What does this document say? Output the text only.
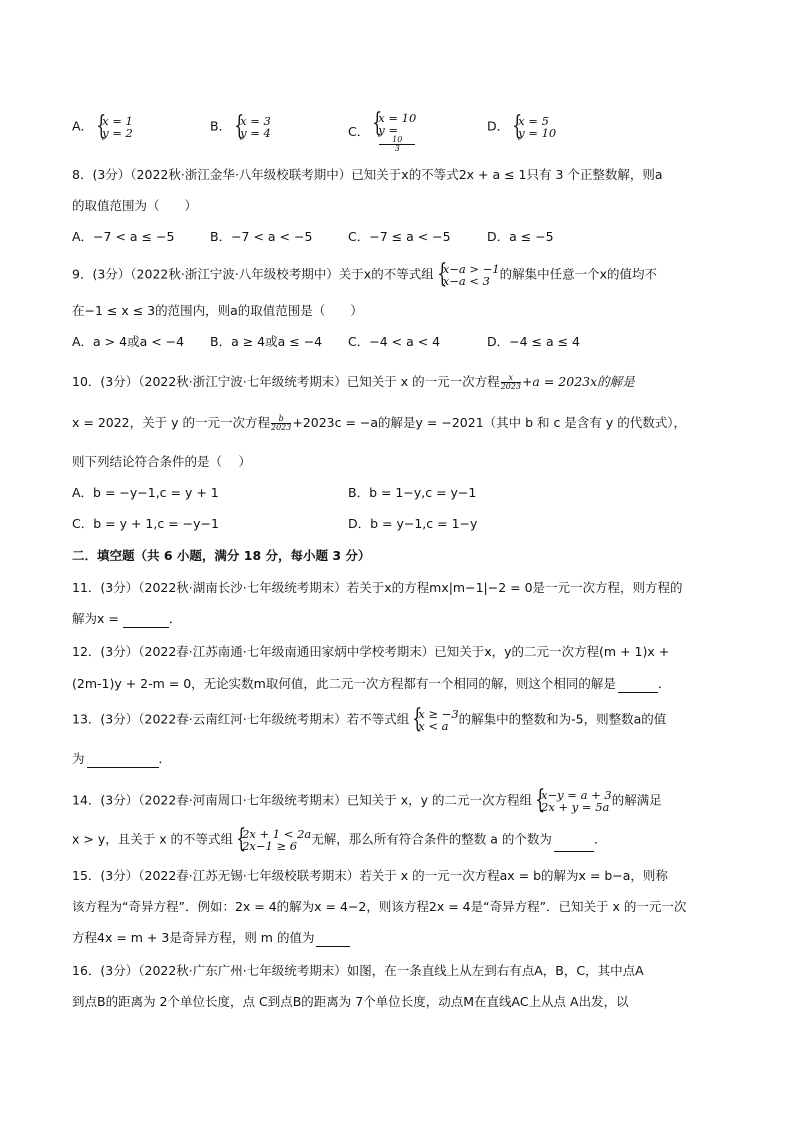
A． { x = 1
y = 2	B． { x = 3
y = 4	C．
{ x = 10
y =
10
3
D． { x = 5
y = 10
8．(3分）（2022秋·浙江金华·八年级校联考期中）已知关于x的不等式2x + a ≤ 1只有 3 个正整数解，则a
的取值范围为（　　）
A．−7 < a ≤ −5	B．−7 < a < −5	C．−7 ≤ a < −5	D．a ≤ −5
9．(3分）（2022秋·浙江宁波·八年级校考期中）关于x的不等式组 { x−a > −1
x−a < 3 的解集中任意一个x的值均不
在−1 ≤ x ≤ 3的范围内，则a的取值范围是（　　）
A．a > 4或a < −4 B．a ≥ 4或a ≤ −4 C．−4 < a < 4	D．−4 ≤ a ≤ 4
10．(3分）（2022秋·浙江宁波·七年级统考期末）已知关于 x 的一元一次方程 $\frac{x}{2023} +a = 2023x$的解是
x = 2022，关于 y 的一元一次方程 $\frac{b}{2023} +2023c = -a$的解是y = −2021（其中 b 和 c 是含有 y 的代数式），
则下列结论符合条件的是（　 ）
A．b = −y−1,c = y + 1	B．b = 1−y,c = y−1
C．b = y + 1,c = −y−1	D．b = y−1,c = 1−y
二．填空题（共 6 小题，满分 18 分，每小题 3 分）
11．(3分）（2022秋·湖南长沙·七年级统考期末）若关于x的方程mx|m−1|−2 = 0是一元一次方程，则方程的
解为x =	．
12．(3分）（2022春·江苏南通·七年级南通田家炳中学校考期末）已知关于x，y的二元一次方程(m + 1)x +
(2m-1)y + 2-m = 0，无论实数m取何值，此二元一次方程都有一个相同的解，则这个相同的解是	．
13．(3分）（2022春·云南红河·七年级统考期末）若不等式组 { x ≥ −3
x < a 的解集中的整数和为-5，则整数a的值
为	．
14．(3分）（2022春·河南周口·七年级统考期末）已知关于 x，y 的二元一次方程组 { x−y = a + 3
2x + y = 5a 的解满足
x > y，且关于 x 的不等式组 { 2x + 1 < 2a
2x−1 ≥ 6	无解，那么所有符合条件的整数 a 的个数为	．
15．(3分）（2022春·江苏无锡·七年级校联考期末）若关于 x 的一元一次方程ax = b的解为x = b−a，则称
该方程为“奇异方程”．例如：2x = 4的解为x = 4−2，则该方程2x = 4是“奇异方程”．已知关于 x 的一元一次
方程4x = m + 3是奇异方程，则 m 的值为
16．(3分）（2022秋·广东广州·七年级统考期末）如图，在一条直线上从左到右有点A，B，C，其中点A
到点B的距离为 2个单位长度，点 C到点B的距离为 7个单位长度，动点M在直线AC上从点 A出发，以
